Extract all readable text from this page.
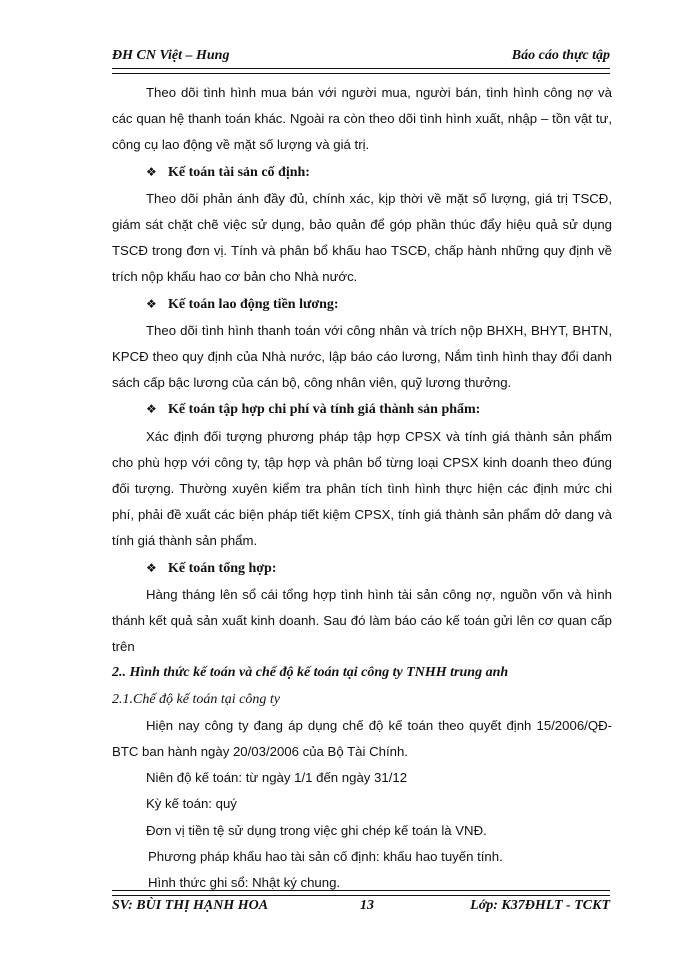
ĐH CN Việt – Hung	Báo cáo thực tập

Theo dõi tình hình mua bán với người mua, người bán, tình hình công nợ và các quan hệ thanh toán khác. Ngoài ra còn theo dõi tình hình xuất, nhập – tồn vật tư, công cụ lao động về mặt số lượng và giá trị.

❖ Kế toán tài sản cố định:

Theo dõi phản ánh đầy đủ, chính xác, kịp thời về mặt số lượng, giá trị TSCĐ, giám sát chặt chẽ việc sử dụng, bảo quản để góp phần thúc đẩy hiệu quả sử dụng TSCĐ trong đơn vị. Tính và phân bổ khấu hao TSCĐ, chấp hành những quy định về trích nộp khấu hao cơ bản cho Nhà nước.

❖ Kế toán lao động tiền lương:

Theo dõi tình hình thanh toán với công nhân và trích nộp BHXH, BHYT, BHTN, KPCĐ theo quy định của Nhà nước, lập báo cáo lương, Nắm tình hình thay đổi danh sách cấp bậc lương của cán bộ, công nhân viên, quỹ lương thưởng.

❖ Kế toán tập hợp chi phí và tính giá thành sản phẩm:

Xác định đối tượng phương pháp tập hợp CPSX và tính giá thành sản phẩm cho phù hợp với công ty, tập hợp và phân bổ từng loại CPSX kinh doanh theo đúng đối tượng. Thường xuyên kiểm tra phân tích tình hình thực hiện các định mức chi phí, phải đề xuất các biện pháp tiết kiệm CPSX, tính giá thành sản phẩm dở dang và tính giá thành sản phẩm.

❖ Kế toán tổng hợp:

Hàng tháng lên sổ cái tổng hợp tình hình tài sản công nợ, nguồn vốn và hình thánh kết quả sản xuất kinh doanh. Sau đó làm báo cáo kế toán gửi lên cơ quan cấp trên

2.. Hình thức kế toán và chế độ kế toán tại công ty TNHH trung anh

2.1.Chế độ kế toán tại công ty

Hiện nay công ty đang áp dụng chế độ kế toán theo quyết định 15/2006/QĐ-BTC ban hành ngày 20/03/2006 của Bộ Tài Chính.

Niên độ kế toán: từ ngày 1/1 đến ngày 31/12

Kỳ kế toán: quý

Đơn vị tiền tệ sử dụng trong việc ghi chép kế toán là VNĐ.

Phương pháp khấu hao tài sản cố định: khấu hao tuyến tính.

Hình thức ghi sổ: Nhật ký chung.

SV: BÙI THỊ HẠNH HOA	13	Lớp: K37ĐHLT - TCKT
